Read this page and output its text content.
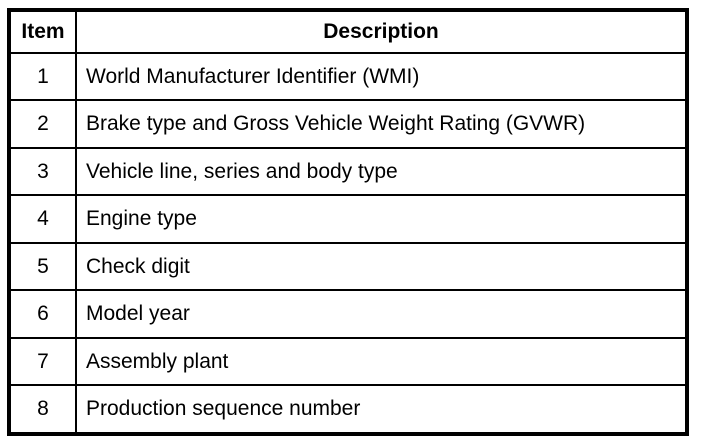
Item	Description
1	World Manufacturer Identifier (WMI)
2	Brake type and Gross Vehicle Weight Rating (GVWR)
3	Vehicle line, series and body type
4	Engine type
5	Check digit
6	Model year
7	Assembly plant
8	Production sequence number
